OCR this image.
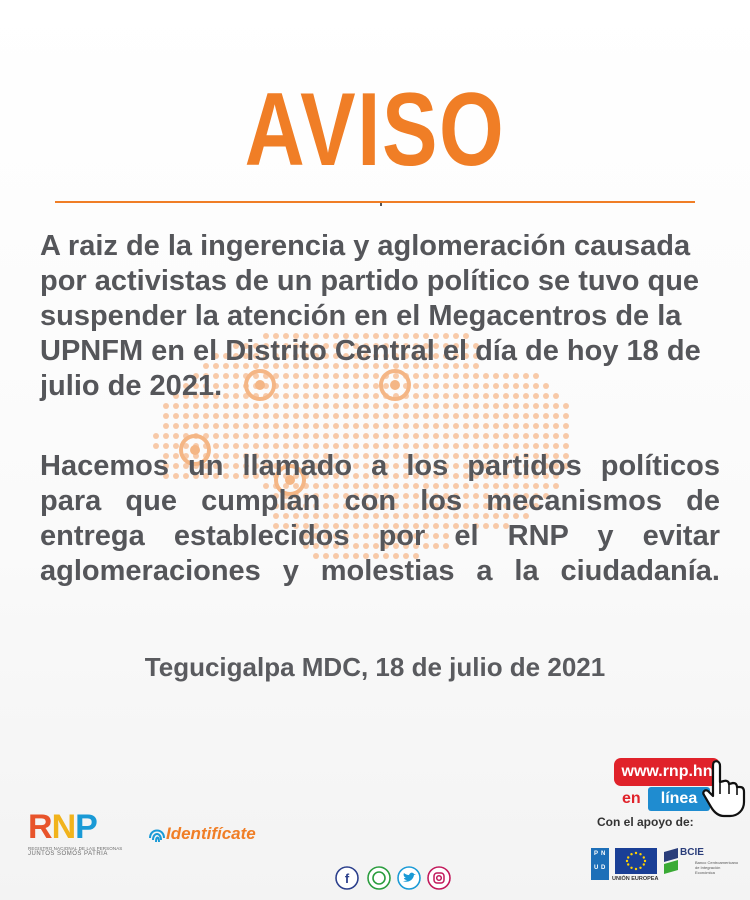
AVISO

A raiz de la ingerencia y aglomeración causada por activistas de un partido político se tuvo que suspender la atención en el Megacentros de la UPNFM en el Distrito Central el día de hoy 18 de julio de 2021.

Hacemos un llamado a los partidos políticos para que cumplan con los mecanismos de entrega establecidos por el RNP y evitar aglomeraciones y molestias a la ciudadanía.

Tegucigalpa MDC, 18 de julio de 2021
RNP
REGISTRO NACIONAL DE LAS PERSONAS
JUNTOS SOMOS PATRIA
Identifícate
f
www.rnp.hn
en	línea
Con el apoyo de:
P N
U D
UNIÓN EUROPEA
BCIE
Banco Centroamericano de Integración Económica
